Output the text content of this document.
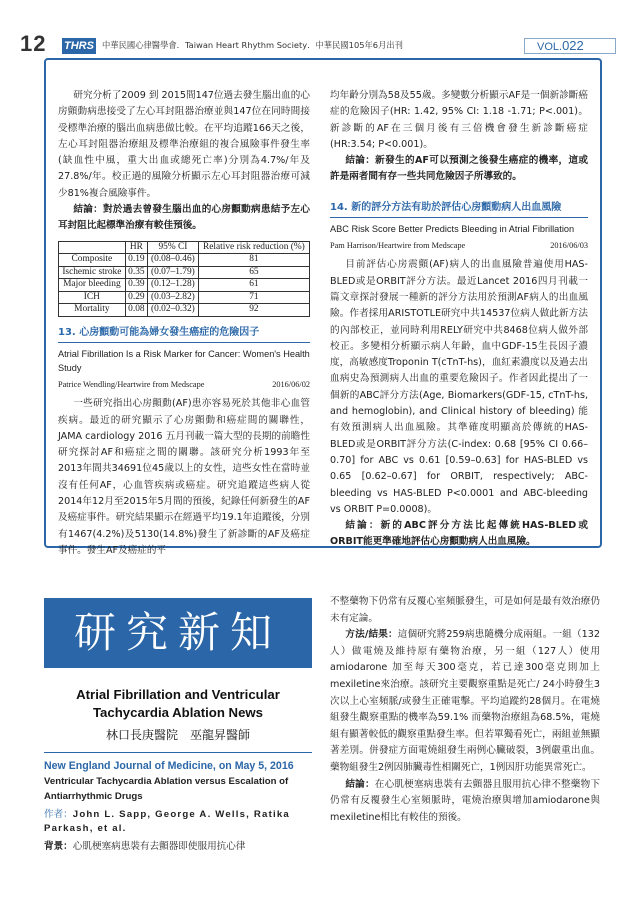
12 THRS 中華民國心律醫學會．Taiwan Heart Rhythm Society．中華民國105年6月出刊	VOL.022

研究分析了2009 到 2015間147位過去發生腦出血的心房顫動病患接受了左心耳封阻器治療並與147位在同時間接受標準治療的腦出血病患做比較。在平均追蹤166天之後，左心耳封阻器治療組及標準治療組的複合風險事件發生率(缺血性中風，重大出血或總死亡率)分別為4.7%/年及27.8%/年。校正過的風險分析顯示左心耳封阻器治療可減少81%複合風險事件。

結論：對於過去曾發生腦出血的心房顫動病患結予左心耳封阻比起標準治療有較佳預後。

	HR	95% CI	Relative risk reduction (%)
Composite	0.19	(0.08–0.46)	81
Ischemic stroke	0.35	(0.07–1.79)	65
Major bleeding	0.39	(0.12–1.28)	61
ICH	0.29	(0.03–2.82)	71
Mortality	0.08	(0.02–0.32)	92
13. 心房顫動可能為婦女發生癌症的危險因子
Atrial Fibrillation Is a Risk Marker for Cancer: Women's Health Study
Patrice Wendling/Heartwire from Medscape	2016/06/02

一些研究指出心房顫動(AF)患亦容易死於其他非心血管疾病。最近的研究顯示了心房顫動和癌症間的關聯性，JAMA cardiology 2016 五月刊載一篇大型的長期的前瞻性研究探討AF和癌症之間的關聯。該研究分析1993年至2013年間共34691位45歲以上的女性，這些女性在當時並沒有任何AF，心血管疾病或癌症。研究追蹤這些病人從2014年12月至2015年5月間的預後，紀錄任何新發生的AF及癌症事件。研究結果顯示在經過平均19.1年追蹤後，分別有1467(4.2%)及5130(14.8%)發生了新診斷的AF及癌症事件。發生AF及癌症的平

均年齡分別為58及55歲。多變數分析顯示AF是一個新診斷癌症的危險因子(HR: 1.42, 95% CI: 1.18 -1.71; P<.001)。新診斷的AF在三個月後有三倍機會發生新診斷癌症(HR:3.54; P<0.001)。

結論：新發生的AF可以預測之後發生癌症的機率，這或許是兩者間有存一些共同危險因子所導致的。

14. 新的評分方法有助於評估心房顫動病人出血風險
ABC Risk Score Better Predicts Bleeding in Atrial Fibrillation
Pam Harrison/Heartwire from Medscape	2016/06/03

目前評估心房震顫(AF)病人的出血風險普遍使用HAS-BLED或是ORBIT評分方法。最近Lancet 2016四月刊載一篇文章探討發展一種新的評分方法用於預測AF病人的出血風險。作者採用ARISTOTLE研究中共14537位病人做此新方法的內部校正，並同時利用RELY研究中共8468位病人做外部校正。多變相分析顯示病人年齡，血中GDF-15生長因子濃度，高敏感度Troponin T(cTnT-hs)，血紅素濃度以及過去出血病史為預測病人出血的重要危險因子。作者因此提出了一個新的ABC評分方法(Age, Biomarkers(GDF-15, cTnT-hs, and hemoglobin), and Clinical history of bleeding) 能有效預測病人出血風險。其準確度明顯高於傳統的HAS-BLED或是ORBIT評分方法(C-index: 0.68 [95% CI 0.66–0.70] for ABC vs 0.61 [0.59–0.63] for HAS-BLED vs 0.65 [0.62–0.67] for ORBIT, respectively; ABC-bleeding vs HAS-BLED P<0.0001 and ABC-bleeding vs ORBIT P=0.0008)。

結論：新的ABC評分方法比起傳統HAS-BLED或ORBIT能更準確地評估心房顫動病人出血風險。

研究新知
Atrial Fibrillation and Ventricular Tachycardia Ablation News
林口長庚醫院　巫龍昇醫師
New England Journal of Medicine, on May 5, 2016
Ventricular Tachycardia Ablation versus Escalation of Antiarrhythmic Drugs
作者：John L. Sapp, George A. Wells, Ratika Parkash, et al.
背景：心肌梗塞病患裝有去顫器即使服用抗心律

不整藥物下仍常有反覆心室頻脈發生，可是如何是最有效治療仍未有定論。

方法/結果：這個研究將259病患隨機分成兩組。一組（132人）做電燒及維持原有藥物治療，另一組（127人）使用amiodarone 加至每天300毫克，若已達300毫克則加上mexiletine來治療。該研究主要觀察重點是死亡/ 24小時發生3次以上心室頻脈/或發生正確電擊。平均追蹤約28個月。在電燒組發生觀察重點的機率為59.1% 而藥物治療組為68.5%，電燒組有顯著較低的觀察重點發生率。但若單獨看死亡，兩組並無顯著差別。併發症方面電燒組發生兩例心臟破裂，3例嚴重出血。藥物組發生2例因肺臟毒性相關死亡，1例因肝功能異常死亡。

結論：在心肌梗塞病患裝有去顫器且服用抗心律不整藥物下仍常有反覆發生心室頻脈時，電燒治療與增加amiodarone與mexiletine相比有較佳的預後。
